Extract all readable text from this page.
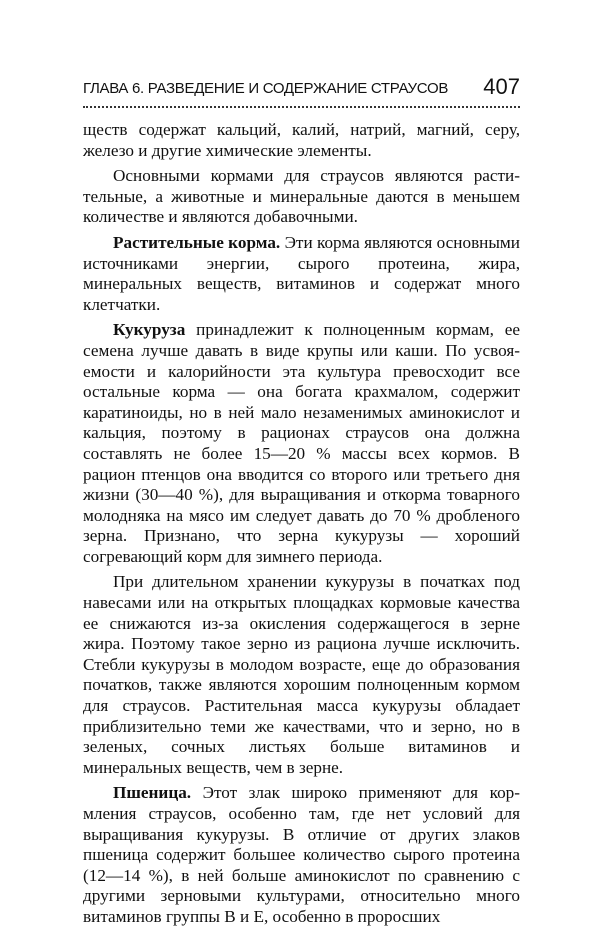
ГЛАВА 6. РАЗВЕДЕНИЕ И СОДЕРЖАНИЕ СТРАУСОВ 407

ществ содержат кальций, калий, натрий, магний, серу, железо и другие химические элементы.

Основными кормами для страусов являются растительные, а животные и минеральные даются в меньшем количестве и являются добавочными.

Растительные корма. Эти корма являются основными источниками энергии, сырого протеина, жира, минеральных веществ, витаминов и содержат много клетчатки.

Кукуруза принадлежит к полноценным кормам, ее семена лучше давать в виде крупы или каши. По усвояемости и калорийности эта культура превосходит все остальные корма — она богата крахмалом, содержит каратиноиды, но в ней мало незаменимых аминокислот и кальция, поэтому в рационах страусов она должна составлять не более 15—20 % массы всех кормов. В рацион птенцов она вводится со второго или третьего дня жизни (30—40 %), для выращивания и откорма товарного молодняка на мясо им следует давать до 70 % дробленого зерна. Признано, что зерна кукурузы — хороший согревающий корм для зимнего периода.

При длительном хранении кукурузы в початках под навесами или на открытых площадках кормовые качества ее снижаются из-за окисления содержащегося в зерне жира. Поэтому такое зерно из рациона лучше исключить. Стебли кукурузы в молодом возрасте, еще до образования початков, также являются хорошим полноценным кормом для страусов. Растительная масса кукурузы обладает приблизительно теми же качествами, что и зерно, но в зеленых, сочных листьях больше витаминов и минеральных веществ, чем в зерне.

Пшеница. Этот злак широко применяют для кормления страусов, особенно там, где нет условий для выращивания кукурузы. В отличие от других злаков пшеница содержит большее количество сырого протеина (12—14 %), в ней больше аминокислот по сравнению с другими зерновыми культурами, относительно много витаминов группы В и Е, особенно в проросших
